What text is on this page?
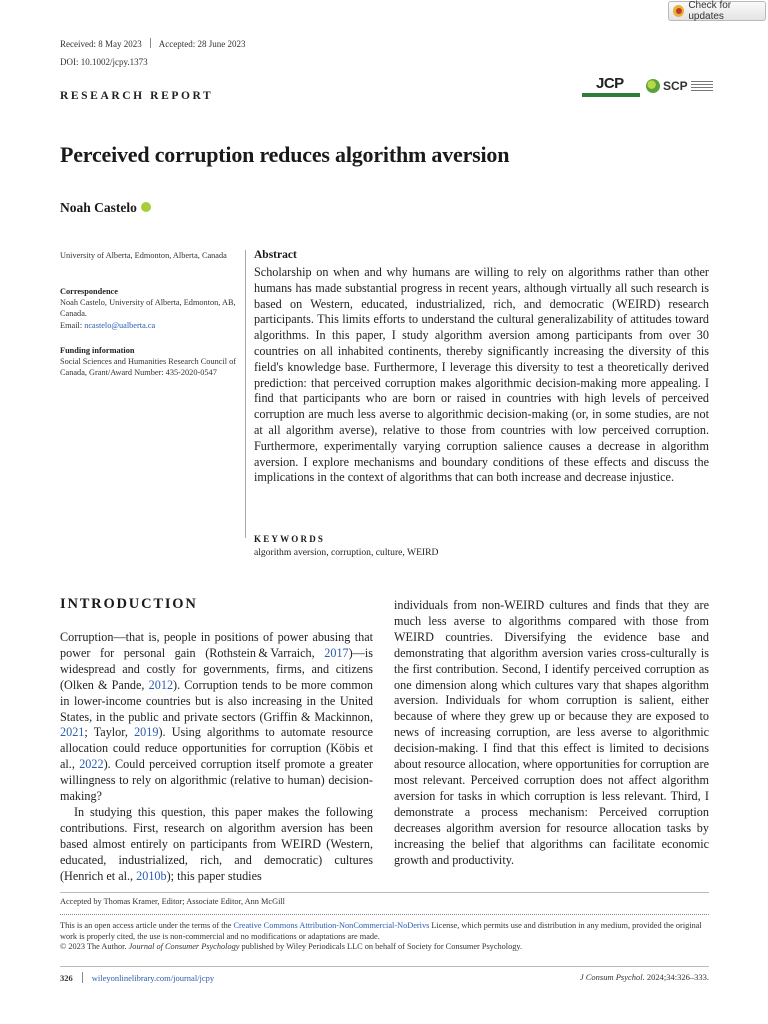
Check for updates
Received: 8 May 2023 Accepted: 28 June 2023
DOI: 10.1002/jcpy.1373
RESEARCH REPORT
JCP	SCP
Perceived corruption reduces algorithm aversion
Noah Castelo
University of Alberta, Edmonton, Alberta, Canada
Correspondence
Noah Castelo, University of Alberta, Edmonton, AB, Canada.
Email: ncastelo@ualberta.ca
Funding information
Social Sciences and Humanities Research Council of Canada, Grant/Award Number: 435-2020-0547
Abstract
Scholarship on when and why humans are willing to rely on algorithms rather than other humans has made substantial progress in recent years, although virtually all such research is based on Western, educated, industrialized, rich, and democratic (WEIRD) research participants. This limits efforts to understand the cultural generalizability of attitudes toward algorithms. In this paper, I study algorithm aversion among participants from over 30 countries on all inhabited continents, thereby significantly increasing the diversity of this field's knowledge base. Furthermore, I leverage this diversity to test a theoretically derived prediction: that perceived corruption makes algorithmic decision-making more appealing. I find that participants who are born or raised in countries with high levels of perceived corruption are much less averse to algorithmic decision-making (or, in some studies, are not at all algorithm averse), relative to those from countries with low perceived corruption. Furthermore, experimentally varying corruption salience causes a decrease in algorithm aversion. I explore mechanisms and boundary conditions of these effects and discuss the implications in the context of algorithms that can both increase and decrease injustice.
KEYWORDS
algorithm aversion, corruption, culture, WEIRD
INTRODUCTION

Corruption—that is, people in positions of power abusing that power for personal gain (Rothstein & Varraich, 2017)—is widespread and costly for governments, firms, and citizens (Olken & Pande, 2012). Corruption tends to be more common in lower-income countries but is also increasing in the United States, in the public and private sectors (Griffin & Mackinnon, 2021; Taylor, 2019). Using algorithms to automate resource allocation could reduce opportunities for corruption (Köbis et al., 2022). Could perceived corruption itself promote a greater willingness to rely on algorithmic (relative to human) decision-making?

In studying this question, this paper makes the following contributions. First, research on algorithm aversion has been based almost entirely on participants from WEIRD (Western, educated, industrialized, rich, and democratic) cultures (Henrich et al., 2010b); this paper studies

individuals from non-WEIRD cultures and finds that they are much less averse to algorithms compared with those from WEIRD countries. Diversifying the evidence base and demonstrating that algorithm aversion varies cross-culturally is the first contribution. Second, I identify perceived corruption as one dimension along which cultures vary that shapes algorithm aversion. Individuals for whom corruption is salient, either because of where they grew up or because they are exposed to news of increasing corruption, are less averse to algorithmic decision-making. I find that this effect is limited to decisions about resource allocation, where opportunities for corruption are most relevant. Perceived corruption does not affect algorithm aversion for tasks in which corruption is less relevant. Third, I demonstrate a process mechanism: Perceived corruption decreases algorithm aversion for resource allocation tasks by increasing the belief that algorithms can facilitate economic growth and productivity.

Accepted by Thomas Kramer, Editor; Associate Editor, Ann McGill
This is an open access article under the terms of the Creative Commons Attribution-NonCommercial-NoDerivs License, which permits use and distribution in any medium, provided the original work is properly cited, the use is non-commercial and no modifications or adaptations are made.
© 2023 The Author. Journal of Consumer Psychology published by Wiley Periodicals LLC on behalf of Society for Consumer Psychology.
326 wileyonlinelibrary.com/journal/jcpy	J Consum Psychol. 2024;34:326–333.
